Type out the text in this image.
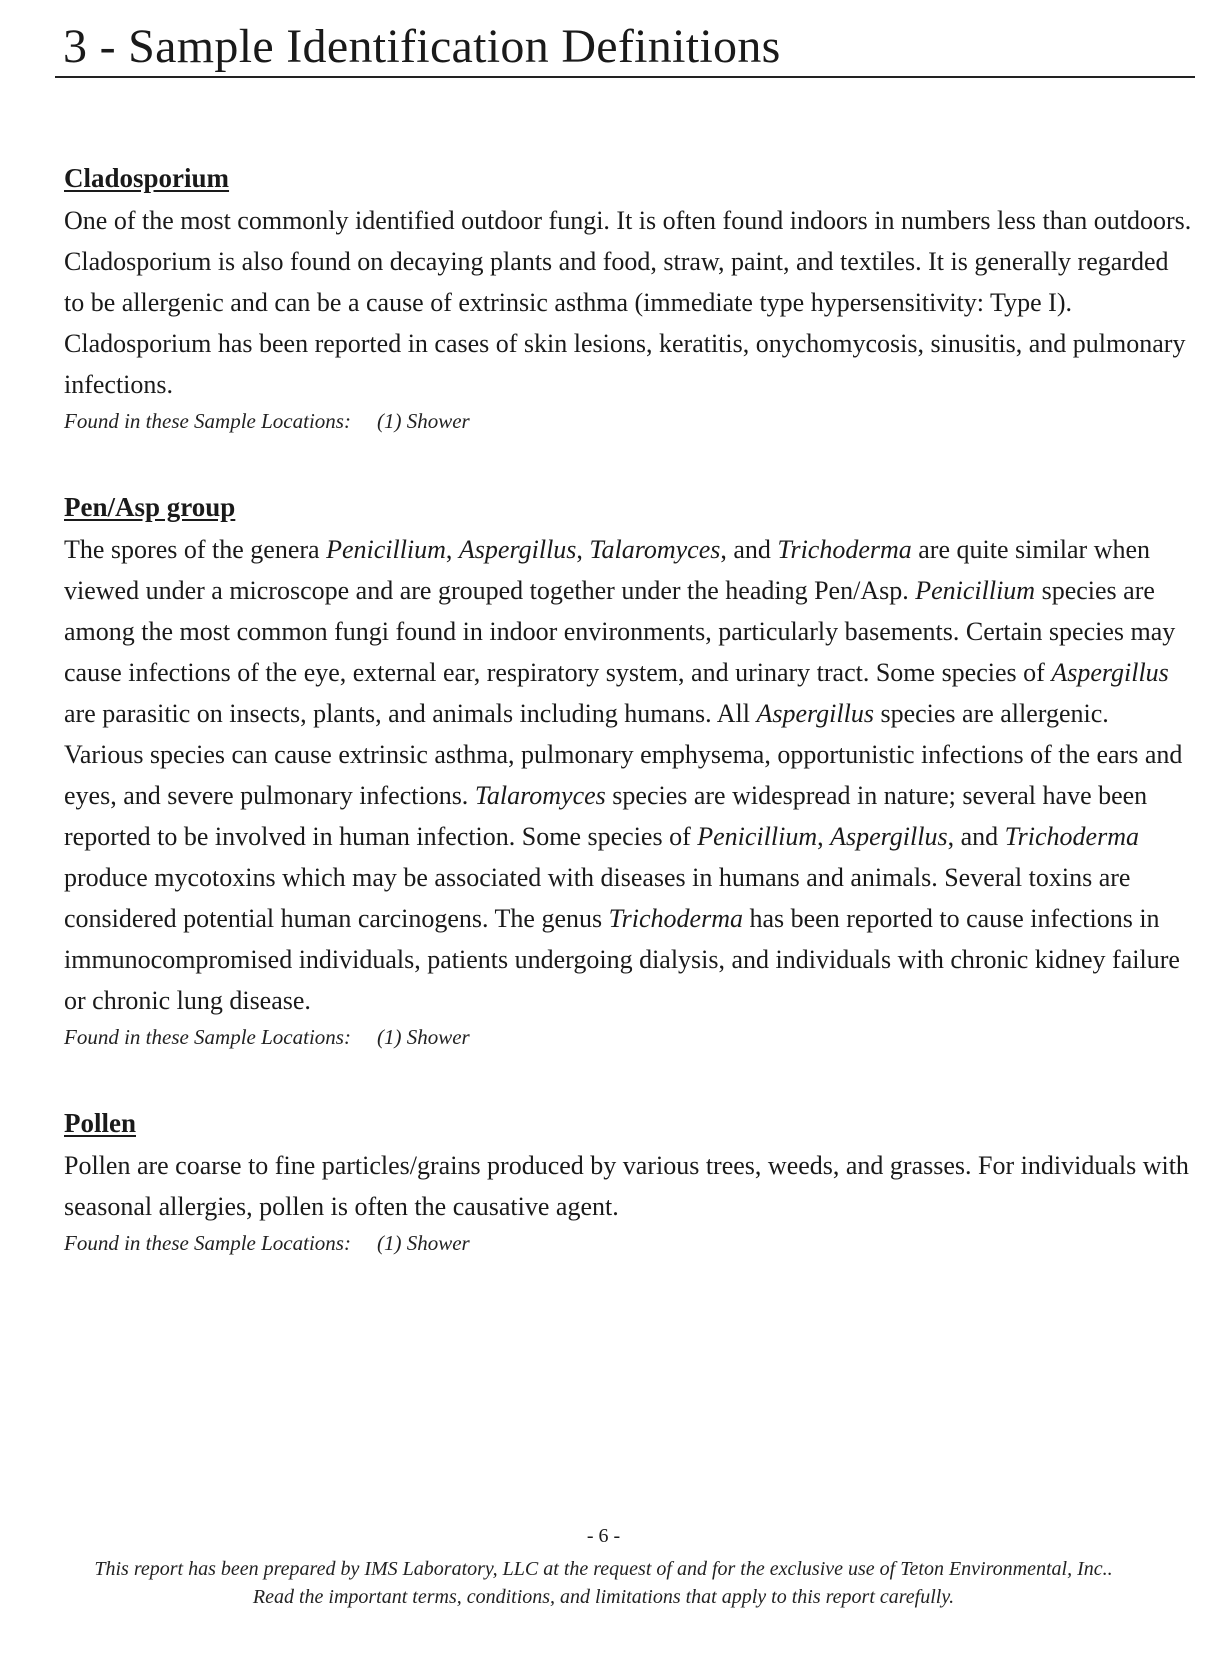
3 - Sample Identification Definitions
Cladosporium

One of the most commonly identified outdoor fungi. It is often found indoors in numbers less than outdoors. Cladosporium is also found on decaying plants and food, straw, paint, and textiles. It is generally regarded to be allergenic and can be a cause of extrinsic asthma (immediate type hypersensitivity: Type I). Cladosporium has been reported in cases of skin lesions, keratitis, onychomycosis, sinusitis, and pulmonary infections.

Found in these Sample Locations: (1) Shower

Pen/Asp group

The spores of the genera Penicillium, Aspergillus, Talaromyces, and Trichoderma are quite similar when viewed under a microscope and are grouped together under the heading Pen/Asp. Penicillium species are among the most common fungi found in indoor environments, particularly basements. Certain species may cause infections of the eye, external ear, respiratory system, and urinary tract. Some species of Aspergillus are parasitic on insects, plants, and animals including humans. All Aspergillus species are allergenic. Various species can cause extrinsic asthma, pulmonary emphysema, opportunistic infections of the ears and eyes, and severe pulmonary infections. Talaromyces species are widespread in nature; several have been reported to be involved in human infection. Some species of Penicillium, Aspergillus, and Trichoderma produce mycotoxins which may be associated with diseases in humans and animals. Several toxins are considered potential human carcinogens. The genus Trichoderma has been reported to cause infections in immunocompromised individuals, patients undergoing dialysis, and individuals with chronic kidney failure or chronic lung disease.

Found in these Sample Locations: (1) Shower

Pollen

Pollen are coarse to fine particles/grains produced by various trees, weeds, and grasses. For individuals with seasonal allergies, pollen is often the causative agent.

Found in these Sample Locations: (1) Shower

- 6 -
This report has been prepared by IMS Laboratory, LLC at the request of and for the exclusive use of Teton Environmental, Inc..
Read the important terms, conditions, and limitations that apply to this report carefully.
